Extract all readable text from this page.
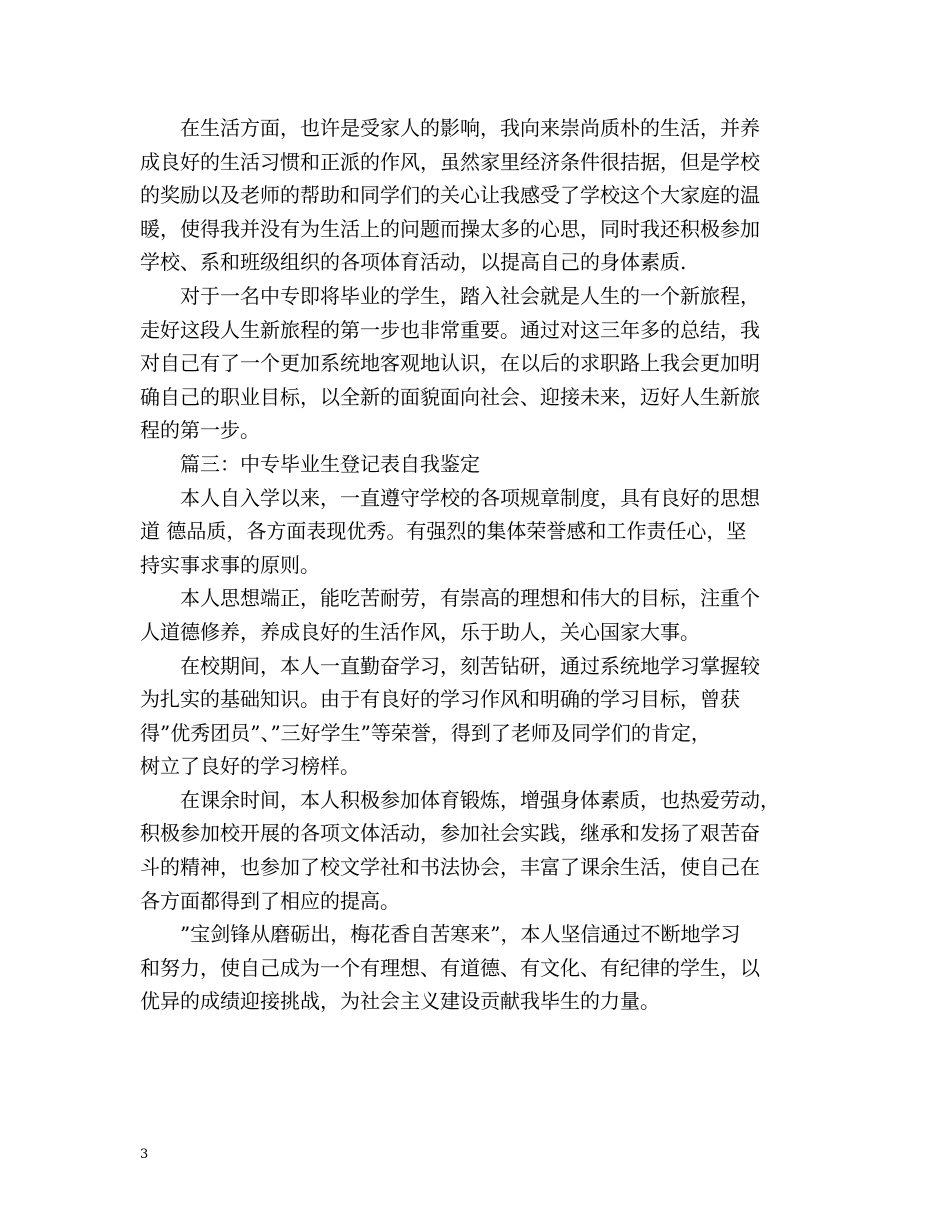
　　在生活方面，也许是受家人的影响，我向来崇尚质朴的生活，并养
成良好的生活习惯和正派的作风，虽然家里经济条件很拮据，但是学校
的奖励以及老师的帮助和同学们的关心让我感受了学校这个大家庭的温
暖，使得我并没有为生活上的问题而操太多的心思，同时我还积极参加
学校、系和班级组织的各项体育活动，以提高自己的身体素质.
　　对于一名中专即将毕业的学生，踏入社会就是人生的一个新旅程，
走好这段人生新旅程的第一步也非常重要。通过对这三年多的总结，我
对自己有了一个更加系统地客观地认识，在以后的求职路上我会更加明
确自己的职业目标，以全新的面貌面向社会、迎接未来，迈好人生新旅
程的第一步。
　　篇三：中专毕业生登记表自我鉴定
　　本人自入学以来，一直遵守学校的各项规章制度，具有良好的思想
道 德品质，各方面表现优秀。有强烈的集体荣誉感和工作责任心，坚
持实事求事的原则。
　　本人思想端正，能吃苦耐劳，有崇高的理想和伟大的目标，注重个
人道德修养，养成良好的生活作风，乐于助人，关心国家大事。
　　在校期间，本人一直勤奋学习，刻苦钻研，通过系统地学习掌握较
为扎实的基础知识。由于有良好的学习作风和明确的学习目标，曾获
得”优秀团员”、”三好学生”等荣誉，得到了老师及同学们的肯定，
树立了良好的学习榜样。
　　在课余时间，本人积极参加体育锻炼，增强身体素质，也热爱劳动，
积极参加校开展的各项文体活动，参加社会实践，继承和发扬了艰苦奋
斗的精神，也参加了校文学社和书法协会，丰富了课余生活，使自己在
各方面都得到了相应的提高。
　　”宝剑锋从磨砺出，梅花香自苦寒来”，本人坚信通过不断地学习
和努力，使自己成为一个有理想、有道德、有文化、有纪律的学生，以
优异的成绩迎接挑战，为社会主义建设贡献我毕生的力量。
3
